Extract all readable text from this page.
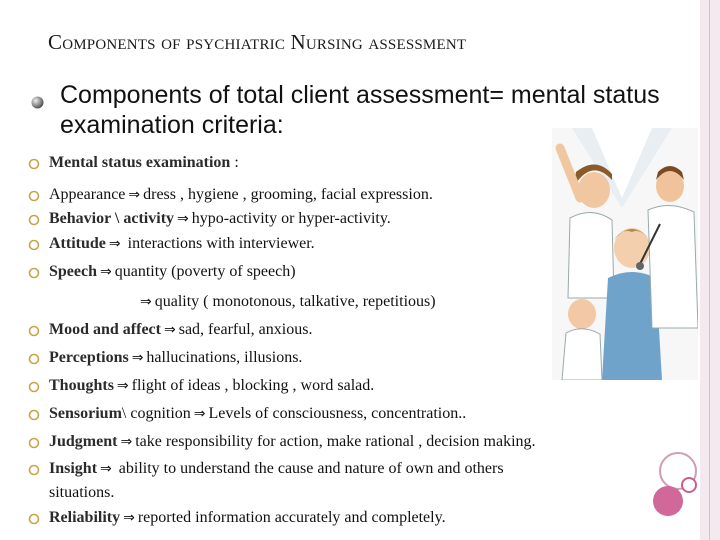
Components of psychiatric Nursing assessment
Components of total client assessment= mental status examination criteria:
Mental status examination :
Appearance ⇒ dress , hygiene , grooming, facial expression.
Behavior \ activity ⇒ hypo-activity or hyper-activity.
Attitude ⇒ interactions with interviewer.
Speech ⇒ quantity (poverty of speech)
⇒ quality ( monotonous, talkative, repetitious)
Mood and affect ⇒ sad, fearful, anxious.
Perceptions ⇒ hallucinations, illusions.
Thoughts ⇒ flight of ideas , blocking , word salad.
Sensorium\ cognition ⇒ Levels of consciousness, concentration..
Judgment ⇒ take responsibility for action, make rational , decision making.
Insight ⇒ ability to understand the cause and nature of own and others
situations.
Reliability ⇒ reported information accurately and completely.
